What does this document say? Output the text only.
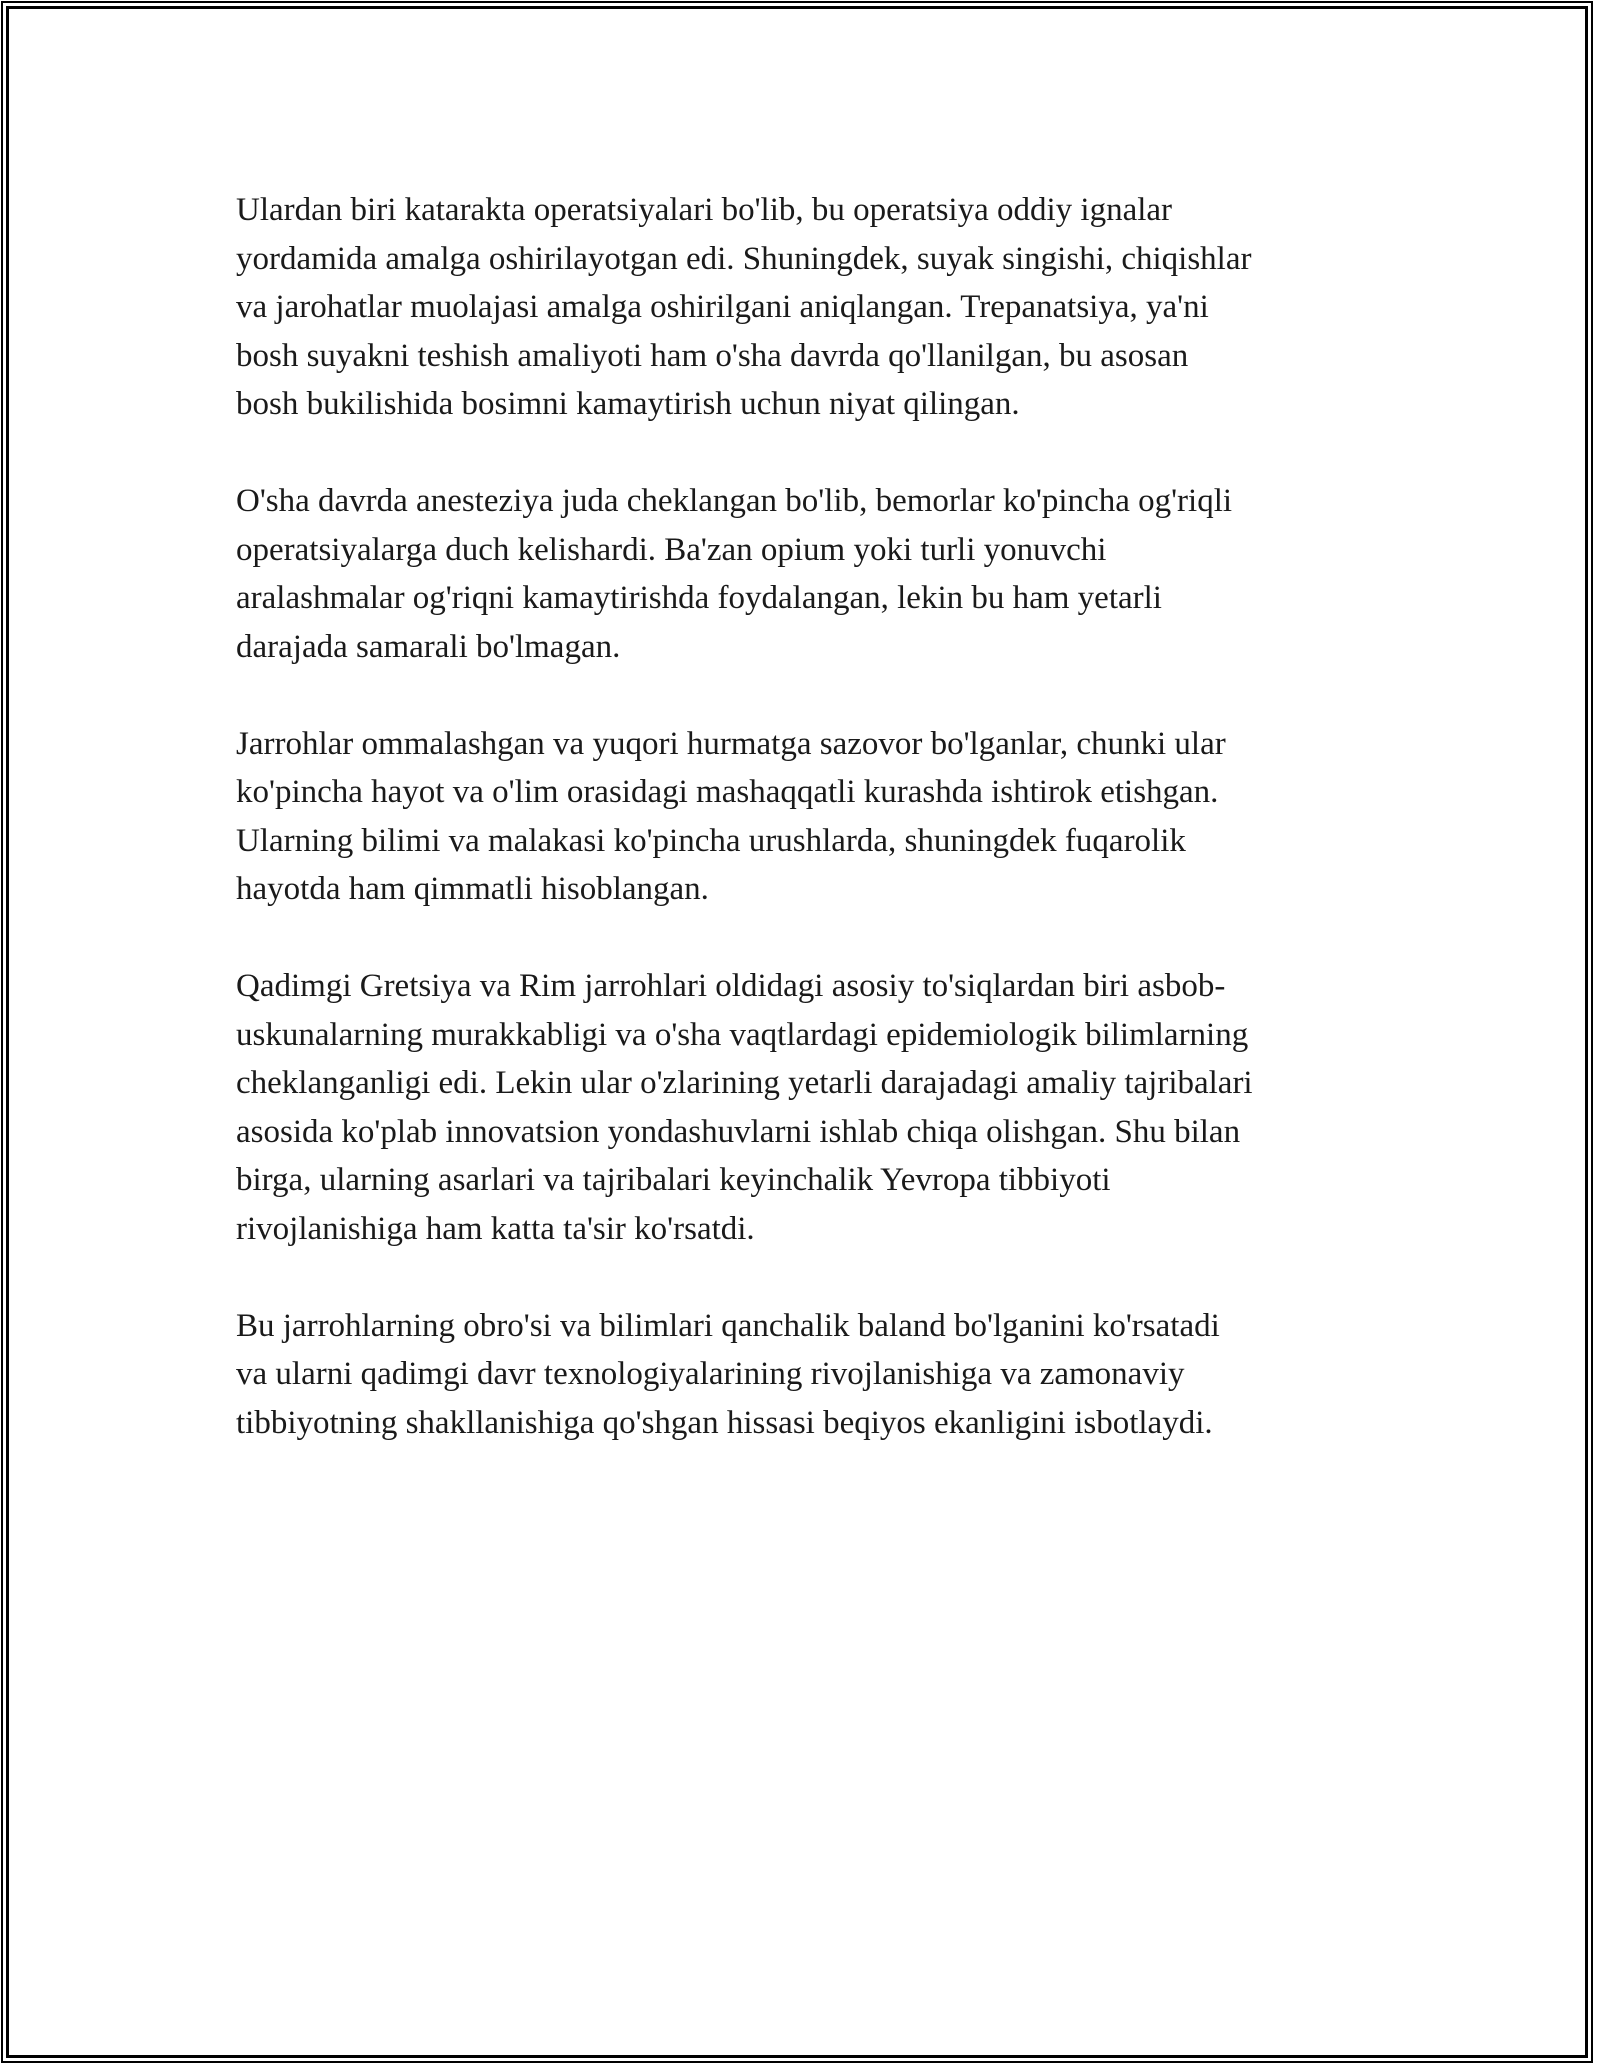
Ulardan biri katarakta operatsiyalari bo'lib, bu operatsiya oddiy ignalar
yordamida amalga oshirilayotgan edi. Shuningdek, suyak singishi, chiqishlar
va jarohatlar muolajasi amalga oshirilgani aniqlangan. Trepanatsiya, ya'ni
bosh suyakni teshish amaliyoti ham o'sha davrda qo'llanilgan, bu asosan
bosh bukilishida bosimni kamaytirish uchun niyat qilingan.

O'sha davrda anesteziya juda cheklangan bo'lib, bemorlar ko'pincha og'riqli
operatsiyalarga duch kelishardi. Ba'zan opium yoki turli yonuvchi
aralashmalar og'riqni kamaytirishda foydalangan, lekin bu ham yetarli
darajada samarali bo'lmagan.

Jarrohlar ommalashgan va yuqori hurmatga sazovor bo'lganlar, chunki ular
ko'pincha hayot va o'lim orasidagi mashaqqatli kurashda ishtirok etishgan.
Ularning bilimi va malakasi ko'pincha urushlarda, shuningdek fuqarolik
hayotda ham qimmatli hisoblangan.

Qadimgi Gretsiya va Rim jarrohlari oldidagi asosiy to'siqlardan biri asbob-
uskunalarning murakkabligi va o'sha vaqtlardagi epidemiologik bilimlarning
cheklanganligi edi. Lekin ular o'zlarining yetarli darajadagi amaliy tajribalari
asosida ko'plab innovatsion yondashuvlarni ishlab chiqa olishgan. Shu bilan
birga, ularning asarlari va tajribalari keyinchalik Yevropa tibbiyoti
rivojlanishiga ham katta ta'sir ko'rsatdi.

Bu jarrohlarning obro'si va bilimlari qanchalik baland bo'lganini ko'rsatadi
va ularni qadimgi davr texnologiyalarining rivojlanishiga va zamonaviy
tibbiyotning shakllanishiga qo'shgan hissasi beqiyos ekanligini isbotlaydi.
